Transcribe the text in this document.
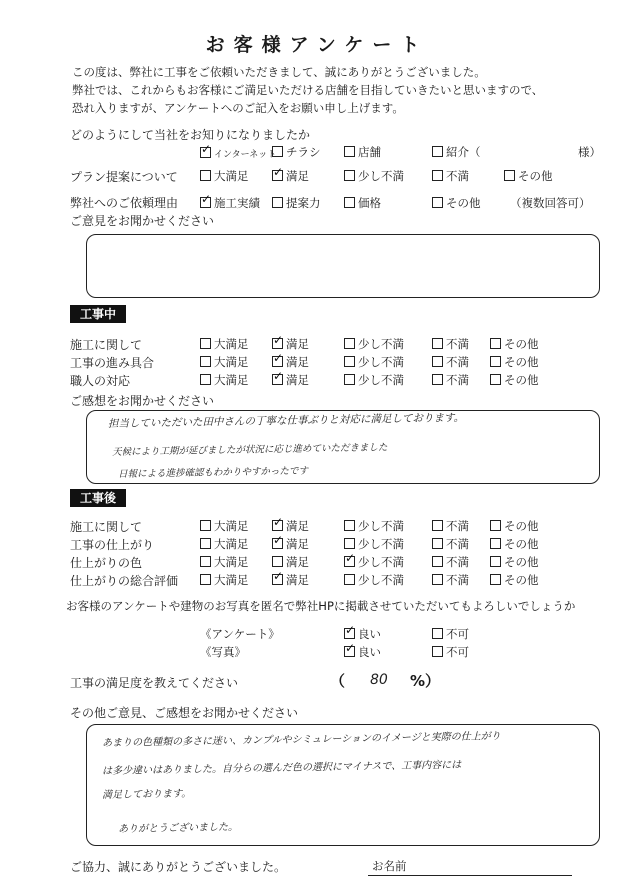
お客様アンケート
この度は、弊社に工事をご依頼いただきまして、誠にありがとうございました。
弊社では、これからもお客様にご満足いただける店舗を目指していきたいと思いますので、
恐れ入りますが、アンケートへのご記入をお願い申し上げます。
どのようにして当社をお知りになりましたか
✓インターネット チラシ	店舗	紹介（	様）
プラン提案について	大満足 ✓	満足	少し不満	不満	その他
弊社へのご依頼理由 ✓	施工実績	提案力	価格	その他	（複数回答可）
ご意見をお聞かせください
工事中
施工に関して	大満足 ✓	満足	少し不満	不満	その他
工事の進み具合	大満足 ✓	満足	少し不満	不満	その他
職人の対応	大満足 ✓	満足	少し不満	不満	その他
ご感想をお聞かせください
担当していただいた田中さんの丁寧な仕事ぶりと対応に満足しております。
天候により工期が延びましたが状況に応じ進めていただきました
日報による進捗確認もわかりやすかったです
工事後
施工に関して	大満足 ✓	満足	少し不満	不満	その他
工事の仕上がり	大満足 ✓	満足	少し不満	不満	その他
仕上がりの色	大満足	満足 ✓	少し不満	不満	その他
仕上がりの総合評価	大満足 ✓	満足	少し不満	不満	その他
お客様のアンケートや建物のお写真を匿名で弊社HPに掲載させていただいてもよろしいでしょうか
《アンケート》 ✓	良い	不可
《写真》 ✓	良い	不可
工事の満足度を教えてください	（ 80 %）
その他ご意見、ご感想をお聞かせください
あまりの色種類の多さに迷い、カンプルやシミュレーションのイメージと実際の仕上がり
は多少違いはありました。自分らの選んだ色の選択にマイナスで、工事内容には
満足しております。
ありがとうございました。
ご協力、誠にありがとうございました。	お名前
